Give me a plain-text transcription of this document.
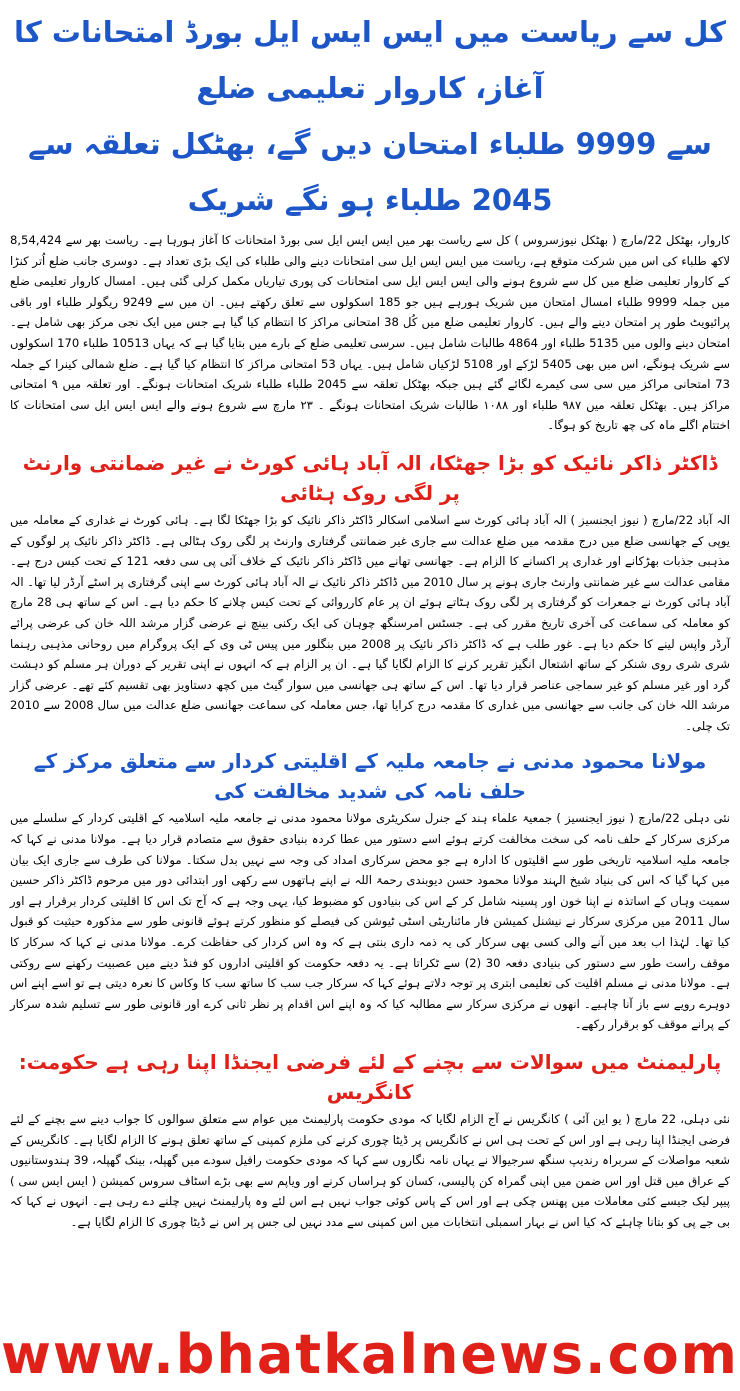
کل سے ریاست میں ایس ایس ایل بورڈ امتحانات کا آغاز، کاروار تعلیمی ضلع
سے 9999 طلباء امتحان دیں گے، بھٹکل تعلقہ سے 2045 طلباء ہو نگے شریک

کاروار، بھٹکل 22/مارچ ( بھٹکل نیوزسروس ) کل سے ریاست بھر میں ایس ایس ایل سی بورڈ امتحانات کا آغاز ہورہا ہے۔ ریاست بھر سے 8,54,424 لاکھ طلباء کی اس میں شرکت متوقع ہے، ریاست میں ایس ایس ایل سی امتحانات دینے والی طلباء کی ایک بڑی تعداد ہے۔ دوسری جانب ضلع اُتر کنڑا کے کاروار تعلیمی ضلع میں کل سے شروع ہونے والی ایس ایس ایل سی امتحانات کی پوری تیاریاں مکمل کرلی گئی ہیں۔ امسال کاروار تعلیمی ضلع میں جملہ 9999 طلباء امسال امتحان میں شریک ہورہے ہیں جو 185 اسکولوں سے تعلق رکھتے ہیں۔ ان میں سے 9249 ریگولر طلباء اور باقی پرائیویٹ طور پر امتحان دینے والے ہیں۔ کاروار تعلیمی ضلع میں کُل 38 امتحانی مراکز کا انتظام کیا گیا ہے جس میں ایک نجی مرکز بھی شامل ہے۔ امتحان دینے والوں میں 5135 طلباء اور 4864 طالبات شامل ہیں۔ سرسی تعلیمی ضلع کے بارے میں بتایا گیا ہے کہ یہاں 10513 طلباء 170 اسکولوں سے شریک ہونگے، اس میں بھی 5405 لڑکے اور 5108 لڑکیاں شامل ہیں۔ یہاں 53 امتحانی مراکز کا انتظام کیا گیا ہے۔ ضلع شمالی کینرا کے جملہ 73 امتحانی مراکز میں سی سی کیمرے لگائے گئے ہیں جبکہ بھٹکل تعلقہ سے 2045 طلباء طلباء شریک امتحانات ہونگے۔ اور تعلقہ میں ۹ امتحانی مراکز ہیں۔ بھٹکل تعلقہ میں ۹۸۷ طلباء اور ۱۰۸۸ طالبات شریک امتحانات ہونگے ۔ ۲۳ مارچ سے شروع ہونے والے ایس ایس ایل سی امتحانات کا اختتام اگلے ماہ کی چھ تاریخ کو ہوگا۔

ڈاکٹر ذاکر نائیک کو بڑا جھٹکا، الہ آباد ہائی کورٹ نے غیر ضمانتی وارنٹ پر لگی روک ہٹائی

الہ آباد 22/مارچ ( نیوز ایجنسیز ) الہ آباد ہائی کورٹ سے اسلامی اسکالر ڈاکٹر ذاکر نائیک کو بڑا جھٹکا لگا ہے۔ ہائی کورٹ نے غداری کے معاملہ میں یوپی کے جھانسی ضلع میں درج مقدمہ میں ضلع عدالت سے جاری غیر ضمانتی گرفتاری وارنٹ پر لگی روک ہٹالی ہے۔ ڈاکٹر ذاکر نائیک پر لوگوں کے مذہبی جذبات بھڑکانے اور غداری پر اکسانے کا الزام ہے۔ جھانسی تھانے میں ڈاکٹر ذاکر نائیک کے خلاف آئی پی سی دفعہ 121 کے تحت کیس درج ہے۔ مقامی عدالت سے غیر ضمانتی وارنٹ جاری ہونے پر سال 2010 میں ڈاکٹر ذاکر نائیک نے الہ آباد ہائی کورٹ سے اپنی گرفتاری پر اسٹے آرڈر لیا تھا۔ الہ آباد ہائی کورٹ نے جمعرات کو گرفتاری پر لگی روک ہٹاتے ہوئے ان پر عام کارروائی کے تحت کیس چلانے کا حکم دیا ہے۔ اس کے ساتھ ہی 28 مارچ کو معاملہ کی سماعت کی آخری تاریخ مقرر کی ہے۔ جسٹس امرسنگھ چوہان کی ایک رکنی بینچ نے عرضی گزار مرشد اللہ خان کی عرضی پرائے آرڈر واپس لینے کا حکم دیا ہے۔ غور طلب ہے کہ ڈاکٹر ذاکر نائیک پر 2008 میں بنگلور میں پیس ٹی وی کے ایک پروگرام میں روحانی مذہبی رہنما شری شری روی شنکر کے ساتھ اشتعال انگیز تقریر کرنے کا الزام لگایا گیا ہے۔ ان پر الزام ہے کہ انہوں نے اپنی تقریر کے دوران ہر مسلم کو دہشت گرد اور غیر مسلم کو غیر سماجی عناصر قرار دیا تھا۔ اس کے ساتھ ہی جھانسی میں سوار گیٹ میں کچھ دستاویز بھی تقسیم کئے تھے۔ عرضی گزار مرشد اللہ خان کی جانب سے جھانسی میں غداری کا مقدمہ درج کرایا تھا، جس معاملہ کی سماعت جھانسی ضلع عدالت میں سال 2008 سے 2010 تک چلی۔

مولانا محمود مدنی نے جامعہ ملیہ کے اقلیتی کردار سے متعلق مرکز کے حلف نامہ کی شدید مخالفت کی

نئی دہلی 22/مارچ ( نیوز ایجنسیز ) جمعیۃ علماء ہند کے جنرل سکریٹری مولانا محمود مدنی نے جامعہ ملیہ اسلامیہ کے اقلیتی کردار کے سلسلے میں مرکزی سرکار کے حلف نامہ کی سخت مخالفت کرتے ہوئے اسے دستور میں عطا کردہ بنیادی حقوق سے متصادم قرار دیا ہے۔ مولانا مدنی نے کہا کہ جامعہ ملیہ اسلامیہ تاریخی طور سے اقلیتوں کا ادارہ ہے جو محض سرکاری امداد کی وجہ سے نہیں بدل سکتا۔ مولانا کی طرف سے جاری ایک بیان میں کہا گیا کہ اس کی بنیاد شیخ الہند مولانا محمود حسن دیوبندی رحمۃ اللہ نے اپنے ہاتھوں سے رکھی اور ابتدائی دور میں مرحوم ڈاکٹر ذاکر حسین سمیت وہاں کے اساتذہ نے اپنا خون اور پسینہ شامل کر کے اس کی بنیادوں کو مضبوط کیا، یہی وجہ ہے کہ آج تک اس کا اقلیتی کردار برقرار ہے اور سال 2011 میں مرکزی سرکار نے نیشنل کمیشن فار مائناریٹی اسٹی ٹیوشن کی فیصلے کو منظور کرتے ہوئے قانونی طور سے مذکورہ حیثیت کو قبول کیا تھا۔ لہٰذا اب بعد میں آنے والی کسی بھی سرکار کی یہ ذمہ داری بنتی ہے کہ وہ اس کردار کی حفاظت کرے۔ مولانا مدنی نے کہا کہ سرکار کا موقف راست طور سے دستور کی بنیادی دفعہ 30 (2) سے ٹکراتا ہے۔ یہ دفعہ حکومت کو اقلیتی اداروں کو فنڈ دینے میں عصبیت رکھنے سے روکتی ہے۔ مولانا مدنی نے مسلم اقلیت کی تعلیمی ابتری پر توجہ دلاتے ہوئے کہا کہ سرکار جب سب کا ساتھ سب کا وکاس کا نعرہ دیتی ہے تو اسے اپنے اس دوہرے رویے سے باز آنا چاہیے۔ انھوں نے مرکزی سرکار سے مطالبہ کیا کہ وہ اپنے اس اقدام پر نظر ثانی کرے اور قانونی طور سے تسلیم شدہ سرکار کے پرانے موقف کو برقرار رکھے۔

پارلیمنٹ میں سوالات سے بچنے کے لئے فرضی ایجنڈا اپنا رہی ہے حکومت: کانگریس

نئی دہلی، 22 مارچ ( یو این آئی ) کانگریس نے آج الزام لگایا کہ مودی حکومت پارلیمنٹ میں عوام سے متعلق سوالوں کا جواب دینے سے بچنے کے لئے فرضی ایجنڈا اپنا رہی ہے اور اس کے تحت ہی اس نے کانگریس پر ڈیٹا چوری کرنے کی ملزم کمپنی کے ساتھ تعلق ہونے کا الزام لگایا ہے۔ کانگریس کے شعبہ مواصلات کے سربراہ رندیپ سنگھ سرجیوالا نے یہاں نامہ نگاروں سے کہا کہ مودی حکومت رافیل سودے میں گھپلہ، بینک گھپلہ، 39 ہندوستانیوں کے عراق میں قتل اور اس ضمن میں اپنی گمراہ کن پالیسی، کسان کو ہراساں کرنے اور ویاپم سے بھی بڑے اسٹاف سروس کمیشن ( ایس ایس سی ) پیپر لیک جیسے کئی معاملات میں پھنس چکی ہے اور اس کے پاس کوئی جواب نہیں ہے اس لئے وہ پارلیمنٹ نہیں چلنے دے رہی ہے۔ انہوں نے کہا کہ بی جے پی کو بتانا چاہئے کہ کیا اس نے بہار اسمبلی انتخابات میں اس کمپنی سے مدد نہیں لی جس پر اس نے ڈیٹا چوری کا الزام لگایا ہے۔

www.bhatkalnews.com
